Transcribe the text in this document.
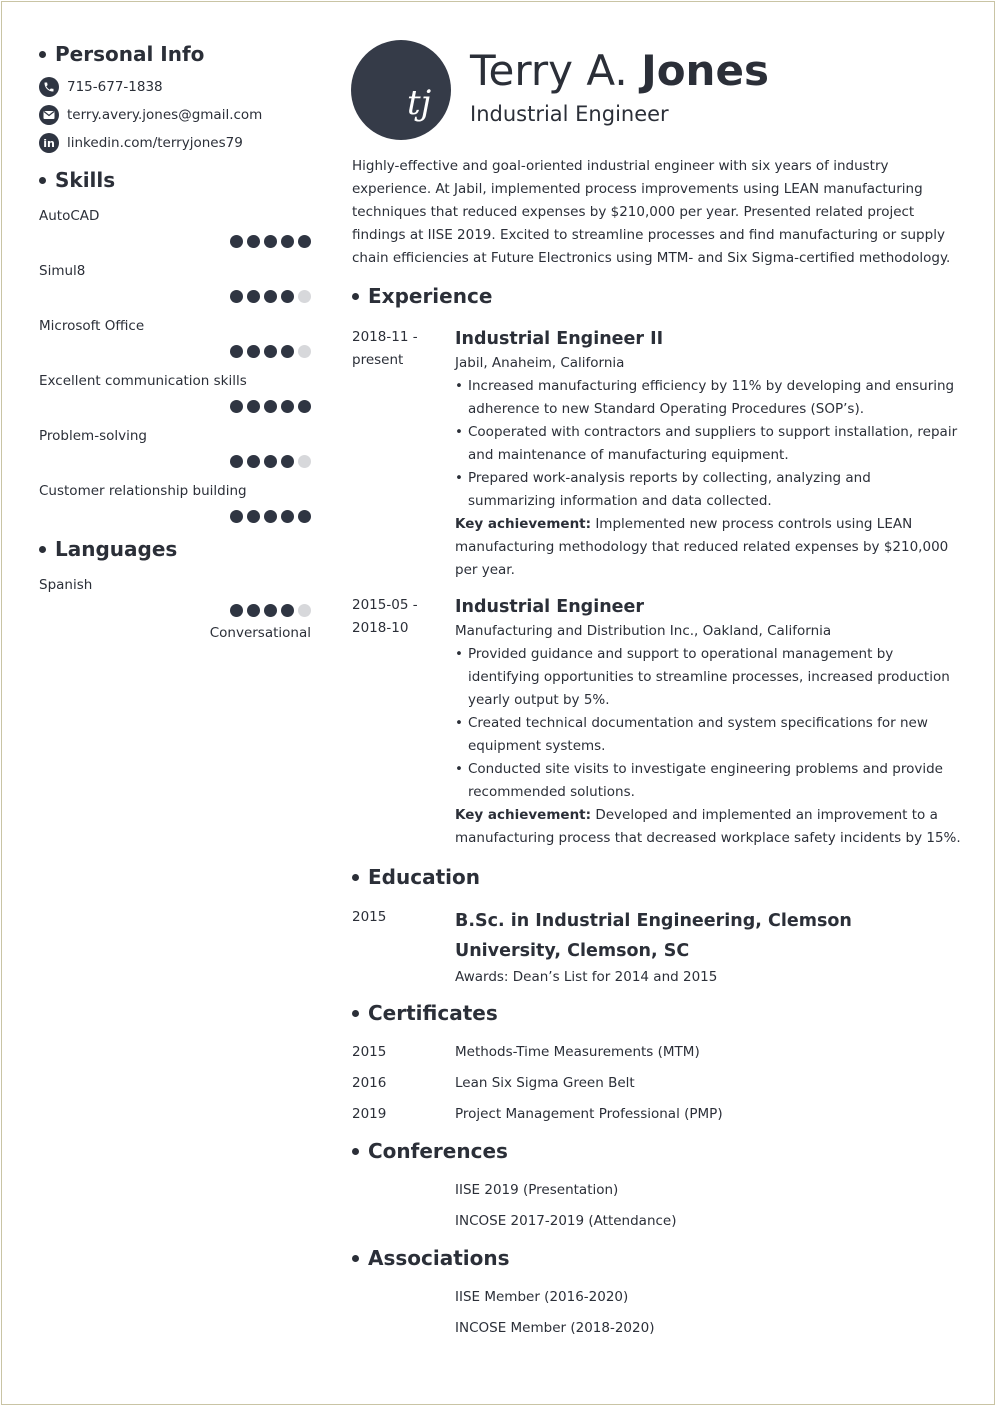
Personal Info
715-677-1838
terry.avery.jones@gmail.com
in linkedin.com/terryjones79
Skills
AutoCAD
Simul8
Microsoft Office
Excellent communication skills
Problem-solving
Customer relationship building
Languages
Spanish
Conversational
tj
Terry A. Jones
Industrial Engineer
Highly-effective and goal-oriented industrial engineer with six years of industry experience. At Jabil, implemented process improvements using LEAN manufacturing techniques that reduced expenses by $210,000 per year. Presented related project findings at IISE 2019. Excited to streamline processes and find manufacturing or supply chain efficiencies at Future Electronics using MTM- and Six Sigma-certified methodology.
Experience
2018-11 -
present
Industrial Engineer II
Jabil, Anaheim, California
• Increased manufacturing efficiency by 11% by developing and ensuring adherence to new Standard Operating Procedures (SOP’s).
• Cooperated with contractors and suppliers to support installation, repair and maintenance of manufacturing equipment.
• Prepared work-analysis reports by collecting, analyzing and summarizing information and data collected.
Key achievement: Implemented new process controls using LEAN manufacturing methodology that reduced related expenses by $210,000 per year.
2015-05 -
2018-10
Industrial Engineer
Manufacturing and Distribution Inc., Oakland, California
• Provided guidance and support to operational management by identifying opportunities to streamline processes, increased production yearly output by 5%.
• Created technical documentation and system specifications for new equipment systems.
• Conducted site visits to investigate engineering problems and provide recommended solutions.
Key achievement: Developed and implemented an improvement to a manufacturing process that decreased workplace safety incidents by 15%.
Education
2015	B.Sc. in Industrial Engineering, Clemson University, Clemson, SC
Awards: Dean’s List for 2014 and 2015
Certificates
2015	Methods-Time Measurements (MTM)
2016	Lean Six Sigma Green Belt
2019	Project Management Professional (PMP)
Conferences
IISE 2019 (Presentation)
INCOSE 2017-2019 (Attendance)
Associations
IISE Member (2016-2020)
INCOSE Member (2018-2020)
